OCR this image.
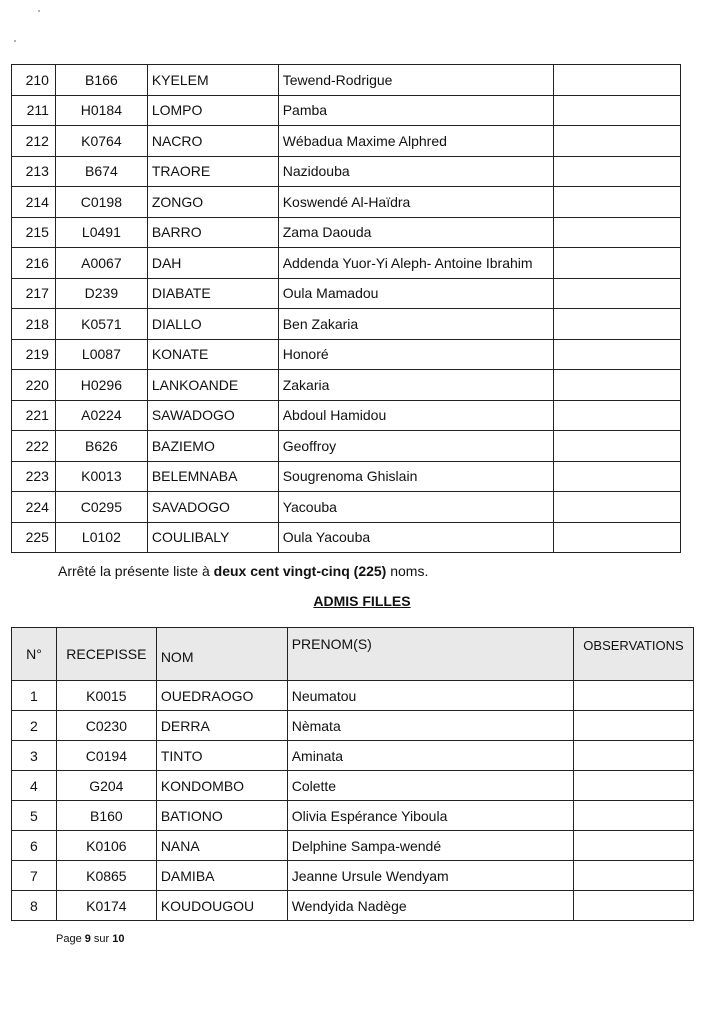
210	B166	KYELEM	Tewend-Rodrigue	
211	H0184	LOMPO	Pamba	
212	K0764	NACRO	Wébadua Maxime Alphred	
213	B674	TRAORE	Nazidouba	
214	C0198	ZONGO	Koswendé Al-Haïdra	
215	L0491	BARRO	Zama Daouda	
216	A0067	DAH	Addenda Yuor-Yi Aleph- Antoine Ibrahim	
217	D239	DIABATE	Oula Mamadou	
218	K0571	DIALLO	Ben Zakaria	
219	L0087	KONATE	Honoré	
220	H0296	LANKOANDE	Zakaria	
221	A0224	SAWADOGO	Abdoul Hamidou	
222	B626	BAZIEMO	Geoffroy	
223	K0013	BELEMNABA	Sougrenoma Ghislain	
224	C0295	SAVADOGO	Yacouba	
225	L0102	COULIBALY	Oula Yacouba	
Arrêté la présente liste à deux cent vingt-cinq (225) noms.
ADMIS FILLES
N°	RECEPISSE	NOM	PRENOM(S)	OBSERVATIONS
1	K0015	OUEDRAOGO	Neumatou	
2	C0230	DERRA	Nèmata	
3	C0194	TINTO	Aminata	
4	G204	KONDOMBO	Colette	
5	B160	BATIONO	Olivia Espérance Yiboula	
6	K0106	NANA	Delphine Sampa-wendé	
7	K0865	DAMIBA	Jeanne Ursule Wendyam	
8	K0174	KOUDOUGOU	Wendyida Nadège	
Page 9 sur 10
